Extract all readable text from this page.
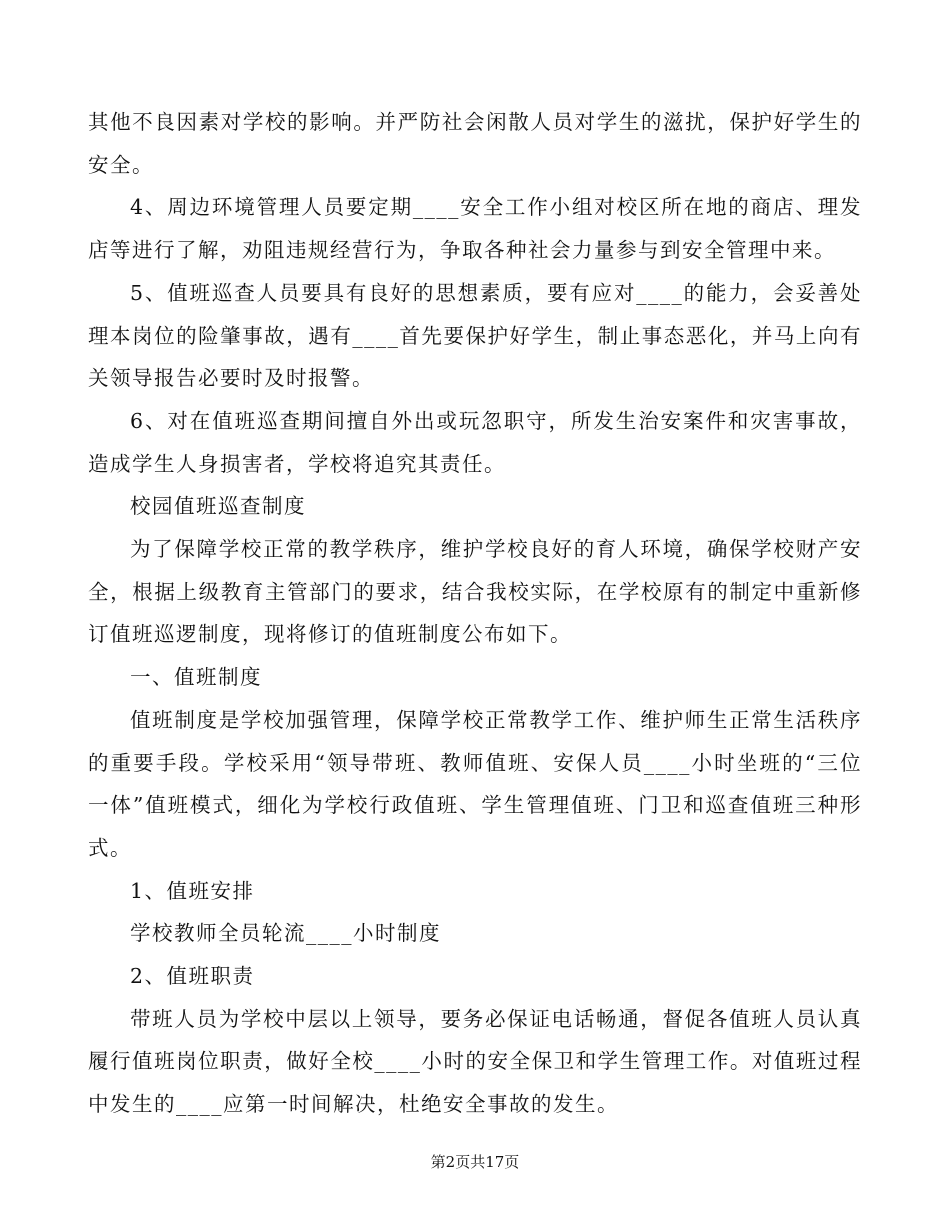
其他不良因素对学校的影响。并严防社会闲散人员对学生的滋扰，保护好学生的安全。

4、周边环境管理人员要定期____安全工作小组对校区所在地的商店、理发店等进行了解，劝阻违规经营行为，争取各种社会力量参与到安全管理中来。

5、值班巡查人员要具有良好的思想素质，要有应对____的能力，会妥善处理本岗位的险肇事故，遇有____首先要保护好学生，制止事态恶化，并马上向有关领导报告必要时及时报警。

6、对在值班巡查期间擅自外出或玩忽职守，所发生治安案件和灾害事故，造成学生人身损害者，学校将追究其责任。

校园值班巡查制度

为了保障学校正常的教学秩序，维护学校良好的育人环境，确保学校财产安全，根据上级教育主管部门的要求，结合我校实际，在学校原有的制定中重新修订值班巡逻制度，现将修订的值班制度公布如下。

一、值班制度

值班制度是学校加强管理，保障学校正常教学工作、维护师生正常生活秩序的重要手段。学校采用“领导带班、教师值班、安保人员____小时坐班的“三位一体”值班模式，细化为学校行政值班、学生管理值班、门卫和巡查值班三种形式。

1、值班安排

学校教师全员轮流____小时制度

2、值班职责

带班人员为学校中层以上领导，要务必保证电话畅通，督促各值班人员认真履行值班岗位职责，做好全校____小时的安全保卫和学生管理工作。对值班过程中发生的____应第一时间解决，杜绝安全事故的发生。

第2页共17页
